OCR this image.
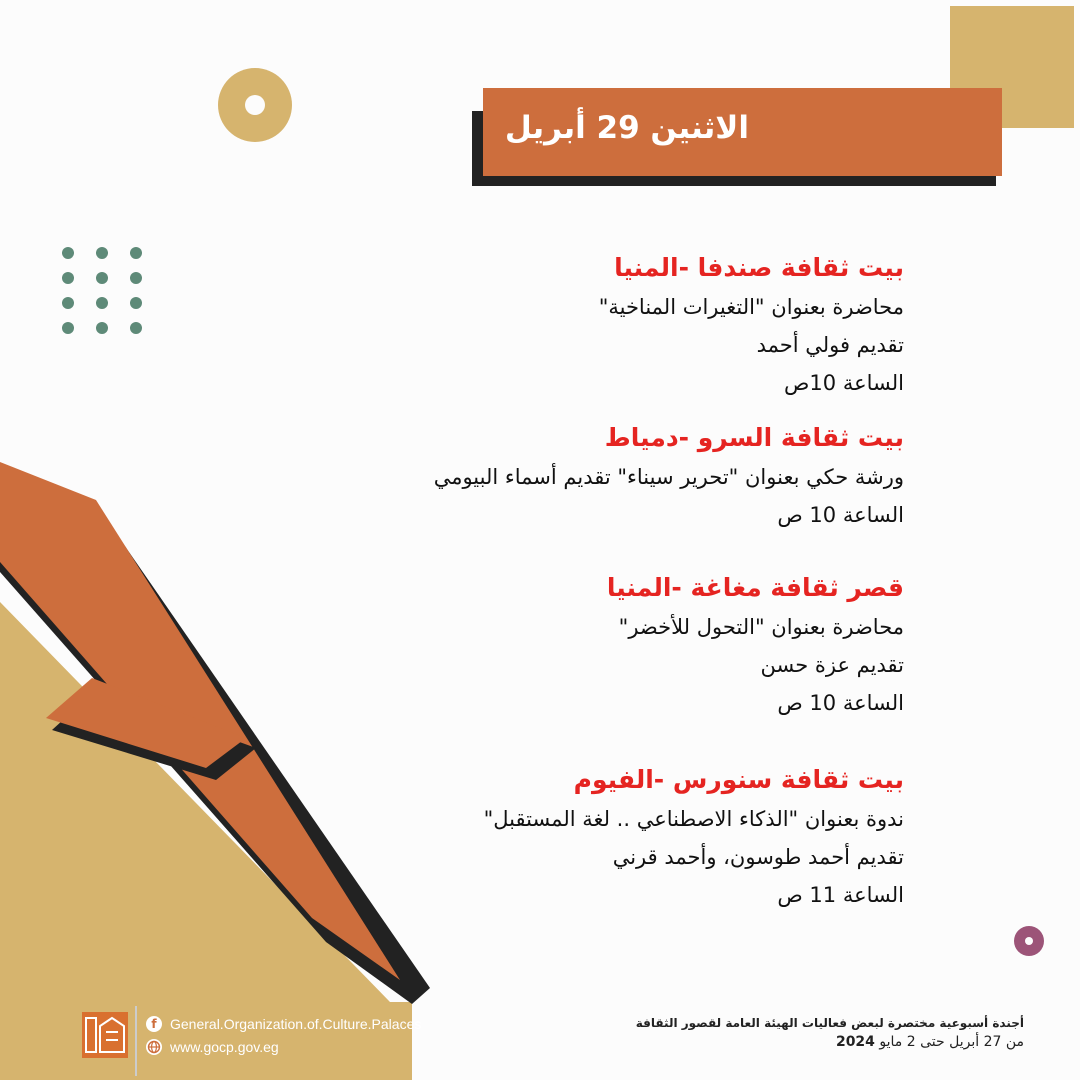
الاثنين 29 أبريل
بيت ثقافة صندفا -المنيا
محاضرة بعنوان "التغيرات المناخية"
تقديم فولي أحمد
الساعة 10ص
بيت ثقافة السرو -دمياط
ورشة حكي بعنوان "تحرير سيناء" تقديم أسماء البيومي
الساعة 10 ص
قصر ثقافة مغاغة -المنيا
محاضرة بعنوان "التحول للأخضر"
تقديم عزة حسن
الساعة 10 ص
بيت ثقافة سنورس -الفيوم
ندوة بعنوان "الذكاء الاصطناعي .. لغة المستقبل"
تقديم أحمد طوسون، وأحمد قرني
الساعة 11 ص
f General.Organization.of.Culture.Palaces
www.gocp.gov.eg
أجندة أسبوعية مختصرة لبعض فعاليات الهيئة العامة لقصور الثقافة
من 27 أبريل حتى 2 مايو 2024
